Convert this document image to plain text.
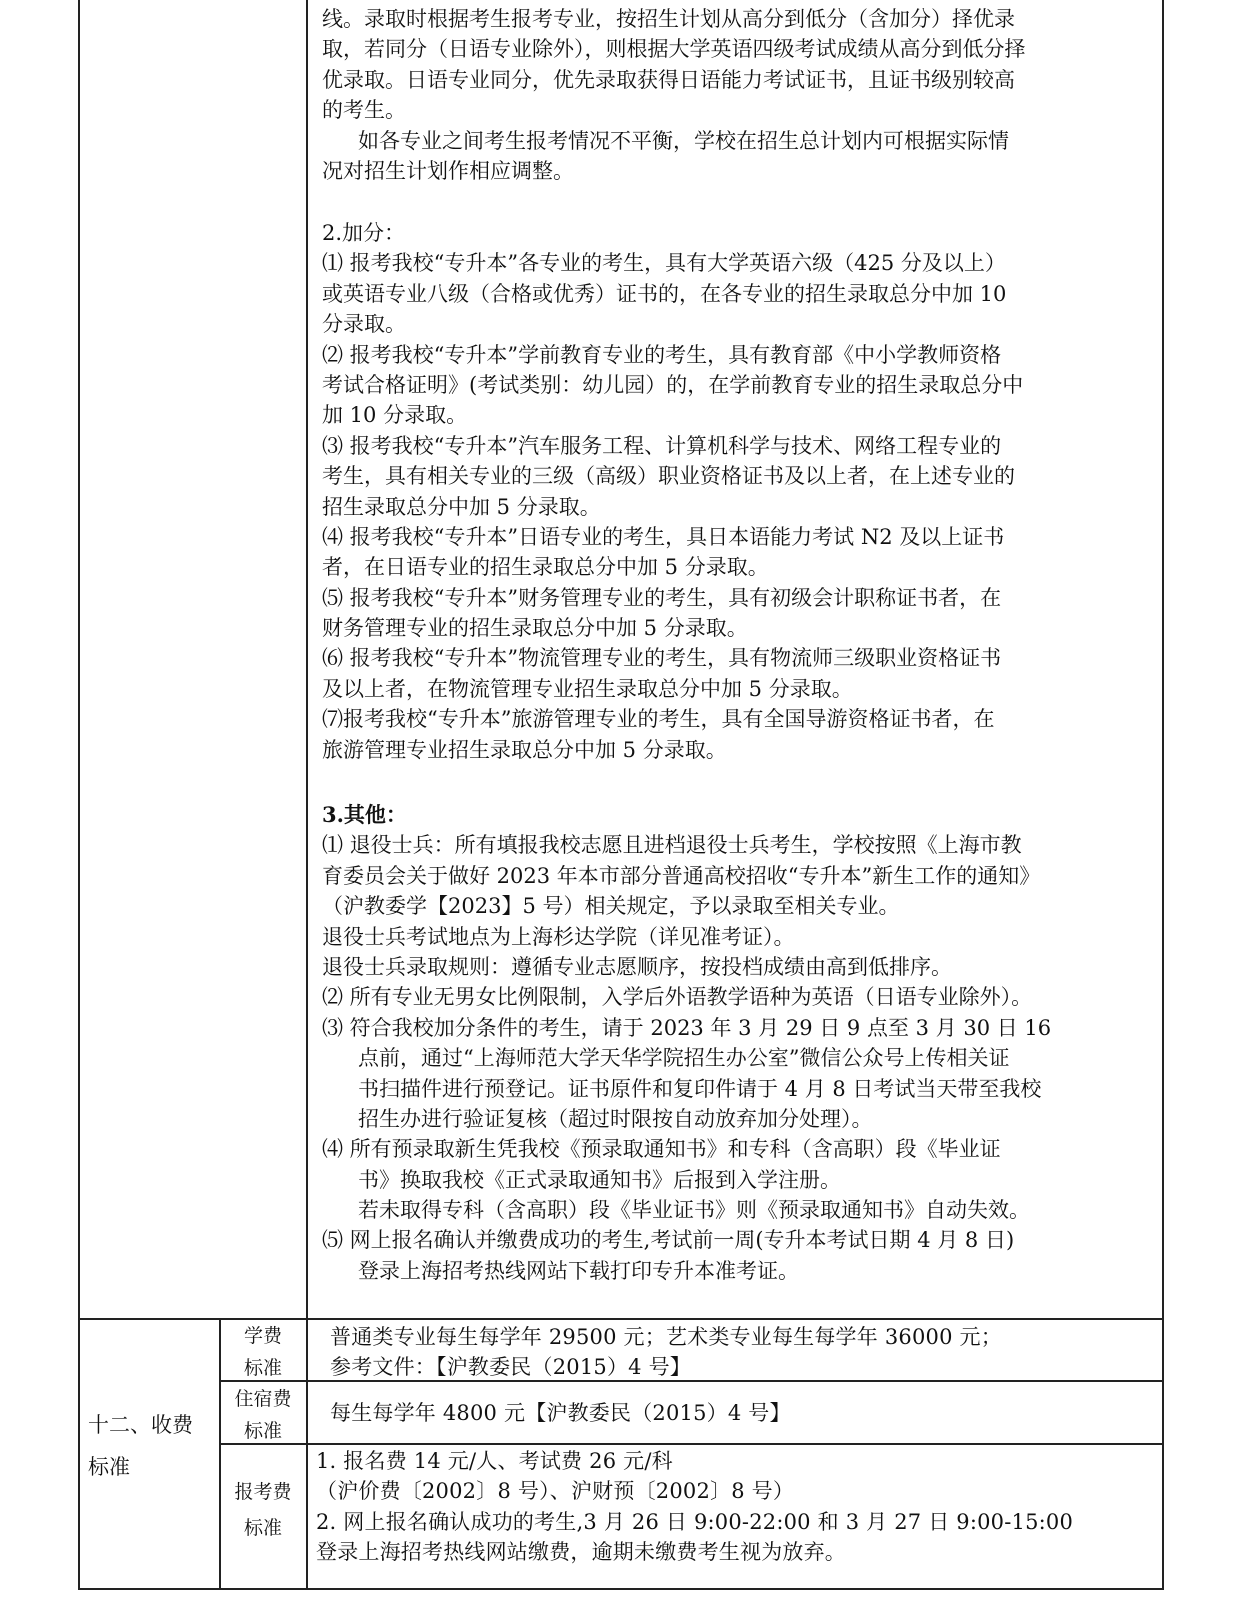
线。录取时根据考生报考专业，按招生计划从高分到低分（含加分）择优录
取，若同分（日语专业除外），则根据大学英语四级考试成绩从高分到低分择
优录取。日语专业同分，优先录取获得日语能力考试证书，且证书级别较高
的考生。
如各专业之间考生报考情况不平衡，学校在招生总计划内可根据实际情
况对招生计划作相应调整。
2.加分：
⑴ 报考我校“专升本”各专业的考生，具有大学英语六级（425 分及以上）
或英语专业八级（合格或优秀）证书的，在各专业的招生录取总分中加 10
分录取。
⑵ 报考我校“专升本”学前教育专业的考生，具有教育部《中小学教师资格
考试合格证明》(考试类别：幼儿园）的，在学前教育专业的招生录取总分中
加 10 分录取。
⑶ 报考我校“专升本”汽车服务工程、计算机科学与技术、网络工程专业的
考生，具有相关专业的三级（高级）职业资格证书及以上者，在上述专业的
招生录取总分中加 5 分录取。
⑷ 报考我校“专升本”日语专业的考生，具日本语能力考试 N2 及以上证书
者，在日语专业的招生录取总分中加 5 分录取。
⑸ 报考我校“专升本”财务管理专业的考生，具有初级会计职称证书者，在
财务管理专业的招生录取总分中加 5 分录取。
⑹ 报考我校“专升本”物流管理专业的考生，具有物流师三级职业资格证书
及以上者，在物流管理专业招生录取总分中加 5 分录取。
⑺报考我校“专升本”旅游管理专业的考生，具有全国导游资格证书者，在
旅游管理专业招生录取总分中加 5 分录取。
3.其他：
⑴ 退役士兵：所有填报我校志愿且进档退役士兵考生，学校按照《上海市教
育委员会关于做好 2023 年本市部分普通高校招收“专升本”新生工作的通知》
（沪教委学【2023】5 号）相关规定，予以录取至相关专业。
退役士兵考试地点为上海杉达学院（详见准考证）。
退役士兵录取规则：遵循专业志愿顺序，按投档成绩由高到低排序。
⑵ 所有专业无男女比例限制，入学后外语教学语种为英语（日语专业除外）。
⑶ 符合我校加分条件的考生，请于 2023 年 3 月 29 日 9 点至 3 月 30 日 16
点前，通过“上海师范大学天华学院招生办公室”微信公众号上传相关证
书扫描件进行预登记。证书原件和复印件请于 4 月 8 日考试当天带至我校
招生办进行验证复核（超过时限按自动放弃加分处理）。
⑷ 所有预录取新生凭我校《预录取通知书》和专科（含高职）段《毕业证
书》换取我校《正式录取通知书》后报到入学注册。
若未取得专科（含高职）段《毕业证书》则《预录取通知书》自动失效。
⑸ 网上报名确认并缴费成功的考生,考试前一周(专升本考试日期 4 月 8 日)
登录上海招考热线网站下载打印专升本准考证。
十二、收费
标准
学费
标准
普通类专业每生每学年 29500 元；艺术类专业每生每学年 36000 元；
参考文件：【沪教委民（2015）4 号】
住宿费
标准
每生每学年 4800 元【沪教委民（2015）4 号】
报考费
标准
1. 报名费 14 元/人、考试费 26 元/科
（沪价费〔2002〕8 号）、沪财预〔2002〕8 号）
2. 网上报名确认成功的考生,3 月 26 日 9:00-22:00 和 3 月 27 日 9:00-15:00
登录上海招考热线网站缴费，逾期未缴费考生视为放弃。
